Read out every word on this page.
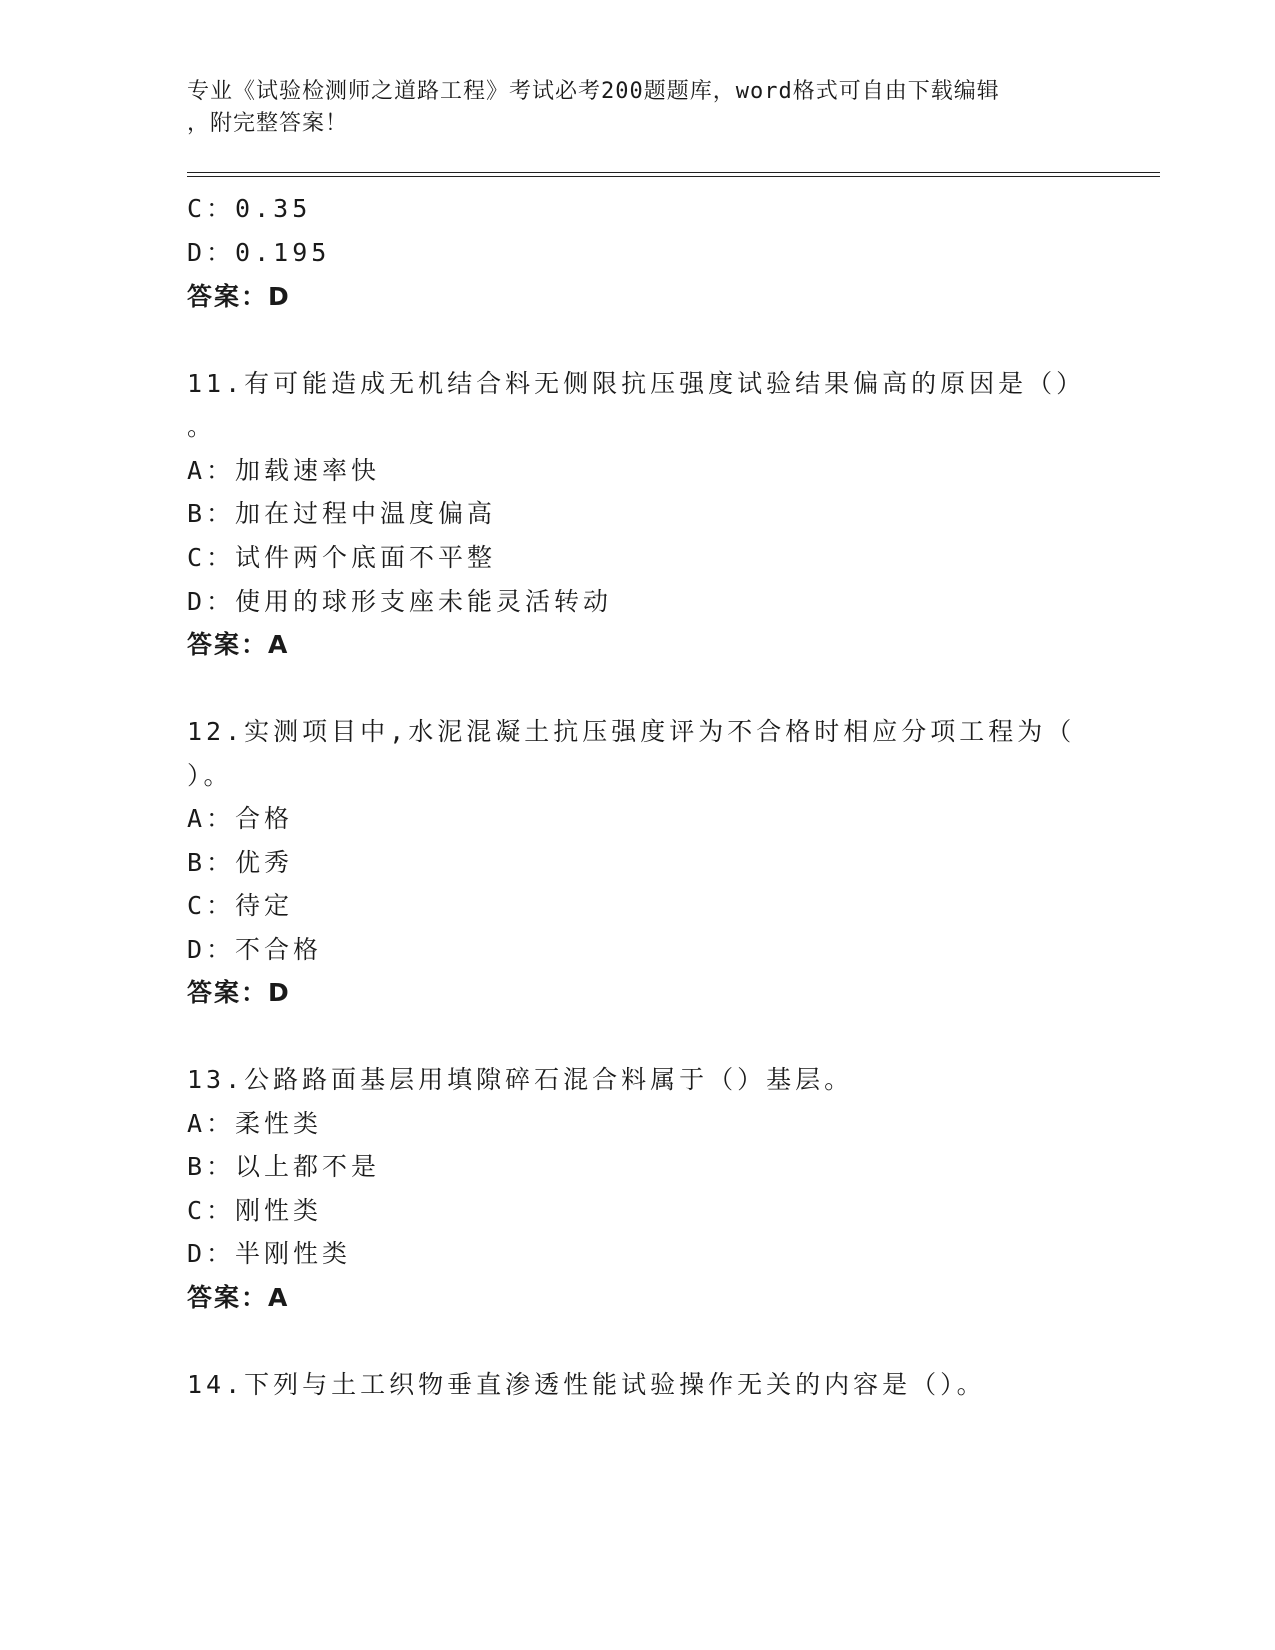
专业《试验检测师之道路工程》考试必考200题题库，word格式可自由下载编辑
，附完整答案！
C：0.35
D：0.195
答案：D
11.有可能造成无机结合料无侧限抗压强度试验结果偏高的原因是（）
。
A：加载速率快
B：加在过程中温度偏高
C：试件两个底面不平整
D：使用的球形支座未能灵活转动
答案：A
12.实测项目中,水泥混凝土抗压强度评为不合格时相应分项工程为（
）。
A：合格
B：优秀
C：待定
D：不合格
答案：D
13.公路路面基层用填隙碎石混合料属于（）基层。
A：柔性类
B：以上都不是
C：刚性类
D：半刚性类
答案：A
14.下列与土工织物垂直渗透性能试验操作无关的内容是（）。
